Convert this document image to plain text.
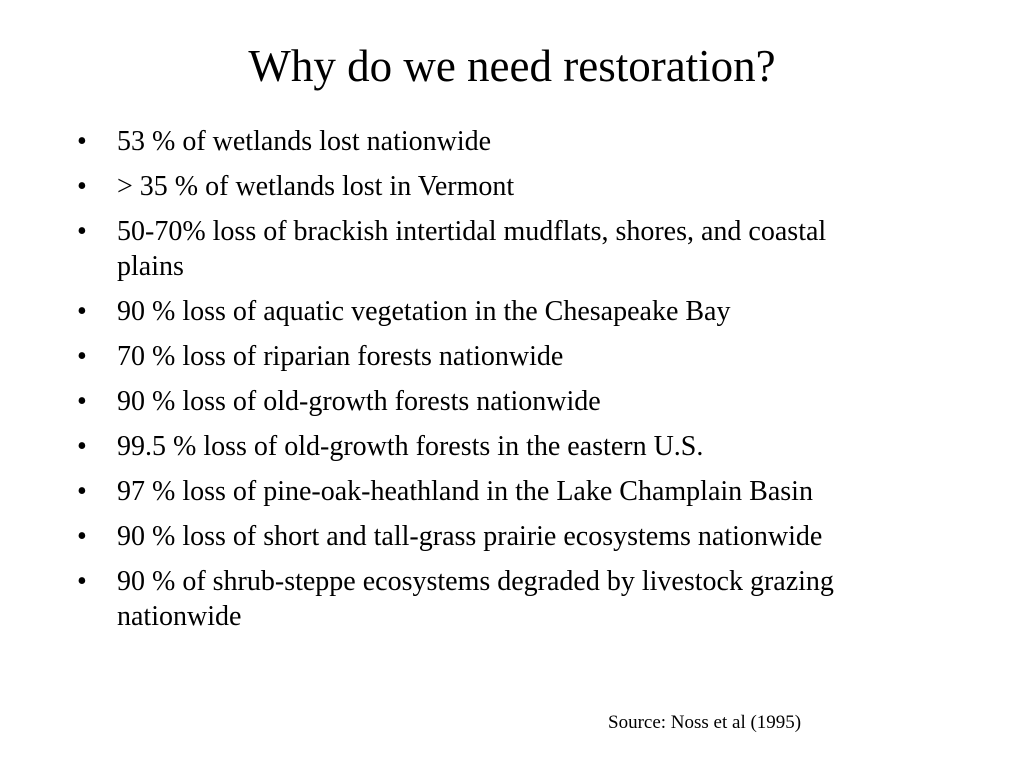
Why do we need restoration?
• 53 % of wetlands lost nationwide
• > 35 % of wetlands lost in Vermont
• 50-70% loss of brackish intertidal mudflats, shores, and coastal plains
• 90 % loss of aquatic vegetation in the Chesapeake Bay
• 70 % loss of riparian forests nationwide
• 90 % loss of old-growth forests nationwide
• 99.5 % loss of old-growth forests in the eastern U.S.
• 97 % loss of pine-oak-heathland in the Lake Champlain Basin
• 90 % loss of short and tall-grass prairie ecosystems nationwide
• 90 % of shrub-steppe ecosystems degraded by livestock grazing nationwide
Source: Noss et al (1995)
